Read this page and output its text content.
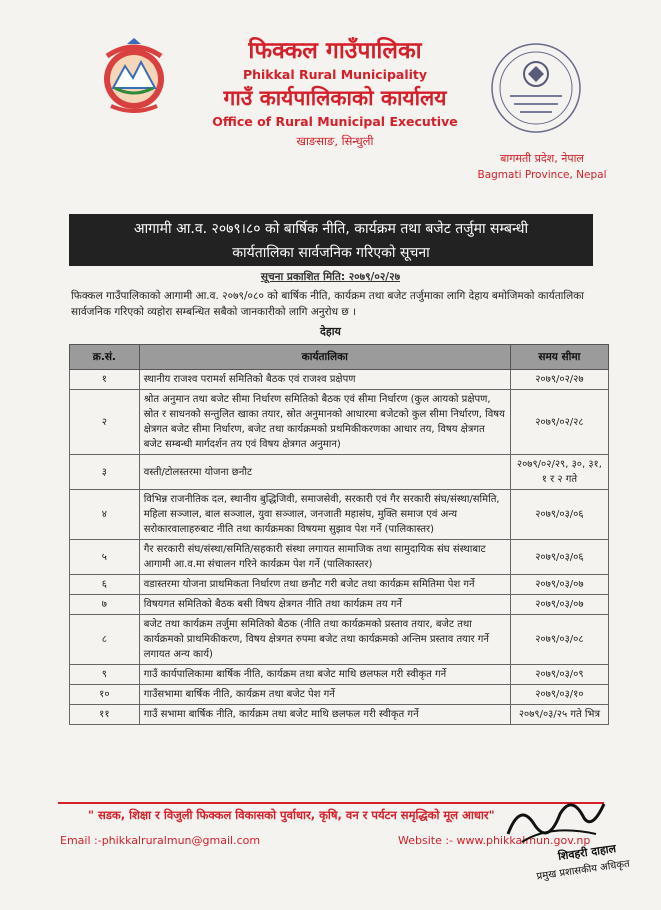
फिक्कल गाउँपालिका
Phikkal Rural Municipality
गाउँ कार्यपालिकाको कार्यालय
Office of Rural Municipal Executive
खाङसाङ, सिन्धुली
बागमती प्रदेश, नेपाल
Bagmati Province, Nepal
आगामी आ.व. २०७९।८० को बार्षिक नीति, कार्यक्रम तथा बजेट तर्जुमा सम्बन्धी
कार्यतालिका सार्वजनिक गरिएको सूचना
सूचना प्रकाशित मिति: २०७९/०२/२७
फिक्कल गाउँपालिकाको आगामी आ.व. २०७९/०८० को बार्षिक नीति, कार्यक्रम तथा बजेट तर्जुमाका लागि देहाय बमोजिमको कार्यतालिका सार्वजनिक गरिएको व्यहोरा सम्बन्धित सबैको जानकारीको लागि अनुरोध छ ।
देहाय
क्र.सं.	कार्यतालिका	समय सीमा
१	स्थानीय राजश्व परामर्श समितिको बैठक एवं राजश्व प्रक्षेपण	२०७९/०२/२७
२	श्रोत अनुमान तथा बजेट सीमा निर्धारण समितिको बैठक एवं सीमा निर्धारण (कुल आयको प्रक्षेपण, स्रोत र साधनको सन्तुलित खाका तयार, स्रोत अनुमानको आधारमा बजेटको कुल सीमा निर्धारण, विषय क्षेत्रगत बजेट सीमा निर्धारण, बजेट तथा कार्यक्रमको प्रथमिकीकरणका आधार तय, विषय क्षेत्रगत बजेट सम्बन्धी मार्गदर्शन तय एवं विषय क्षेत्रगत अनुमान)	२०७९/०२/२८
३	वस्ती/टोलस्तरमा योजना छनौट	२०७९/०२/२९, ३०, ३१, १ र २ गते
४	विभिन्न राजनीतिक दल, स्थानीय बुद्धिजिवी, समाजसेवी, सरकारी एवं गैर सरकारी संघ/संस्था/समिति, महिला सञ्जाल, बाल सञ्जाल, युवा सञ्जाल, जनजाती महासंघ, मुक्ति समाज एवं अन्य सरोकारवालाहरुबाट नीति तथा कार्यक्रमका विषयमा सुझाव पेश गर्ने (पालिकास्तर)	२०७९/०३/०६
५	गैर सरकारी संघ/संस्था/समिति/सहकारी संस्था लगायत सामाजिक तथा सामुदायिक संघ संस्थाबाट आगामी आ.व.मा संचालन गरिने कार्यक्रम पेश गर्ने (पालिकास्तर)	२०७९/०३/०६
६	वडास्तरमा योजना प्राथमिकता निर्धारण तथा छनौट गरी बजेट तथा कार्यक्रम समितिमा पेश गर्ने	२०७९/०३/०७
७	विषयगत समितिको बैठक बसी विषय क्षेत्रगत नीति तथा कार्यक्रम तय गर्ने	२०७९/०३/०७
८	बजेट तथा कार्यक्रम तर्जुमा समितिको बैठक (नीति तथा कार्यक्रमको प्रस्ताव तयार, बजेट तथा कार्यक्रमको प्राथमिकीकरण, विषय क्षेत्रगत रुपमा बजेट तथा कार्यक्रमको अन्तिम प्रस्ताव तयार गर्ने लगायत अन्य कार्य)	२०७९/०३/०८
९	गाउँ कार्यपालिकामा बार्षिक नीति, कार्यक्रम तथा बजेट माथि छलफल गरी स्वीकृत गर्ने	२०७९/०३/०९
१०	गाउँसभामा बार्षिक नीति, कार्यक्रम तथा बजेट पेश गर्ने	२०७९/०३/१०
११	गाउँ सभामा बार्षिक नीति, कार्यक्रम तथा बजेट माथि छलफल गरी स्वीकृत गर्ने	२०७९/०३/२५ गते भित्र
" सडक, शिक्षा र विजुली फिक्कल विकासको पुर्वाधार, कृषि, वन र पर्यटन समृद्धिको मूल आधार"
Email :-phikkalruralmun@gmail.com	Website :- www.phikkalmun.gov.np
शिवहरी दाहाल
प्रमुख प्रशासकीय अधिकृत
